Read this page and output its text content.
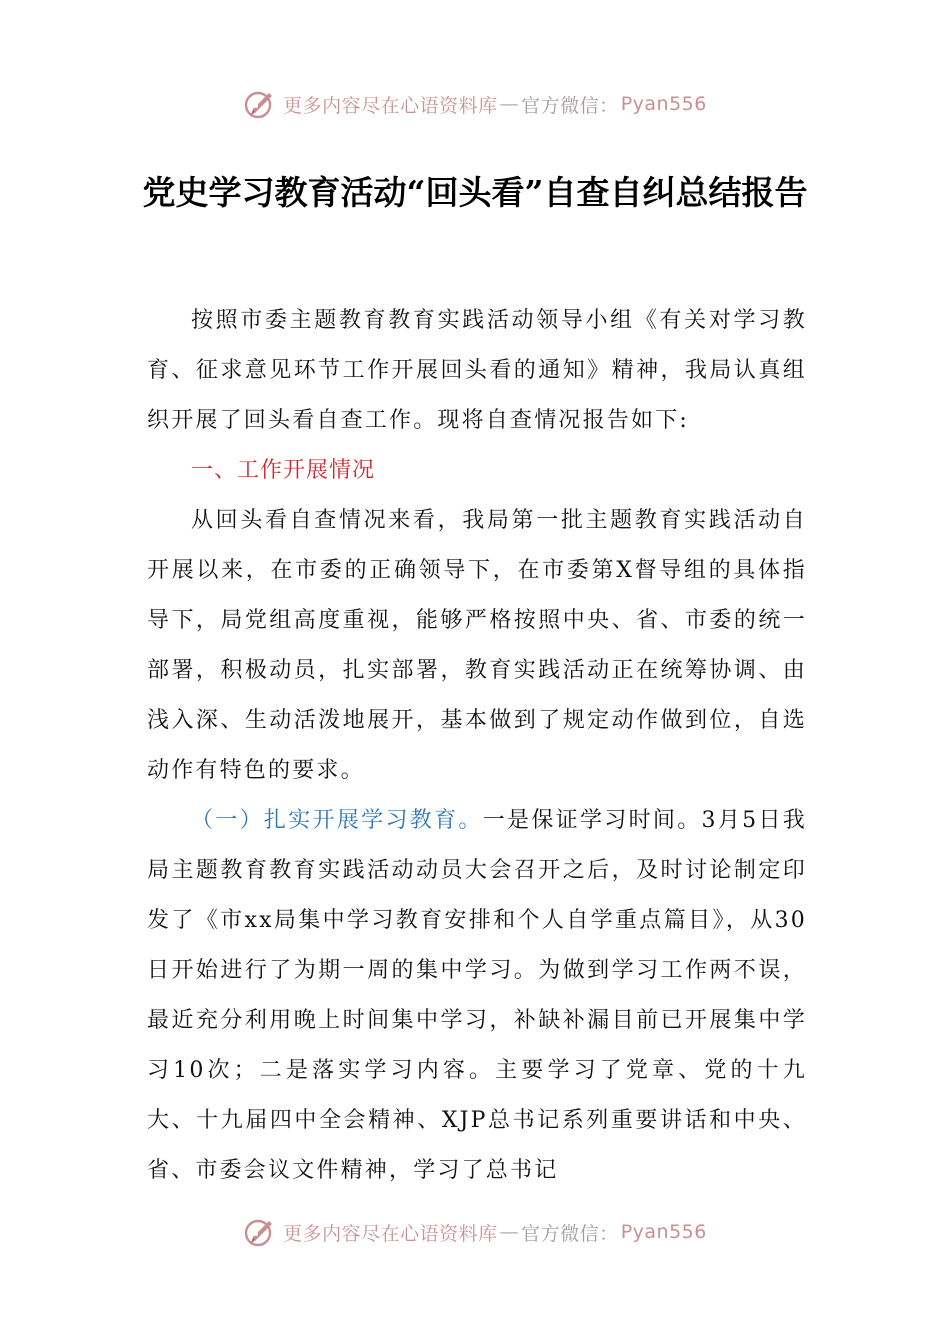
更多内容尽在心语资料库 — 官方微信： Pyan556
党史学习教育活动“回头看”自查自纠总结报告

按照市委主题教育教育实践活动领导小组《有关对学习教育、征求意见环节工作开展回头看的通知》精神，我局认真组织开展了回头看自查工作。现将自查情况报告如下:

一、工作开展情况

从回头看自查情况来看，我局第一批主题教育实践活动自开展以来，在市委的正确领导下，在市委第X督导组的具体指导下，局党组高度重视，能够严格按照中央、省、市委的统一部署，积极动员，扎实部署，教育实践活动正在统筹协调、由浅入深、生动活泼地展开，基本做到了规定动作做到位，自选动作有特色的要求。

（一）扎实开展学习教育。一是保证学习时间。3月5日我局主题教育教育实践活动动员大会召开之后，及时讨论制定印发了《市xx局集中学习教育安排和个人自学重点篇目》，从30日开始进行了为期一周的集中学习。为做到学习工作两不误，最近充分利用晚上时间集中学习，补缺补漏目前已开展集中学习10次；二是落实学习内容。主要学习了党章、党的十九大、十九届四中全会精神、XJP总书记系列重要讲话和中央、省、市委会议文件精神，学习了总书记

更多内容尽在心语资料库 — 官方微信： Pyan556
